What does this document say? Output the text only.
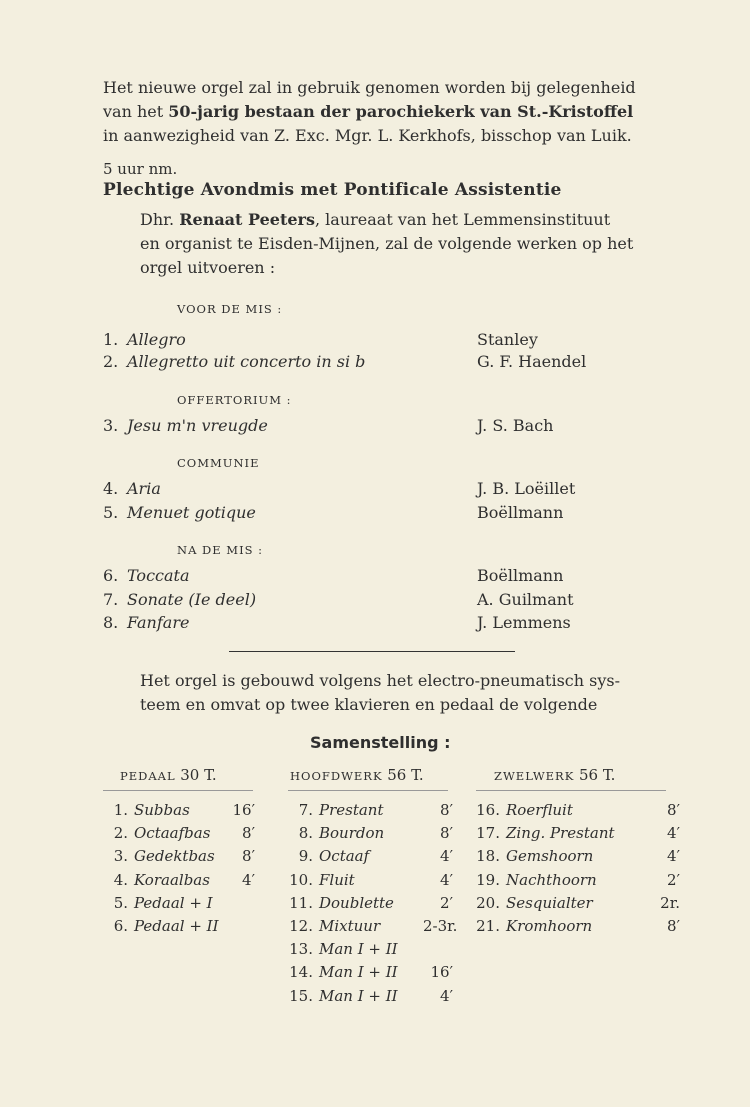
Het nieuwe orgel zal in gebruik genomen worden bij gelegenheid
van het 50-jarig bestaan der parochiekerk van St.-Kristoffel
in aanwezigheid van Z. Exc. Mgr. L. Kerkhofs, bisschop van Luik.
5 uur nm.
Plechtige Avondmis met Pontificale Assistentie
Dhr. Renaat Peeters, laureaat van het Lemmensinstituut
en organist te Eisden-Mijnen, zal de volgende werken op het
orgel uitvoeren :
VOOR DE MIS :
1. Allegro	Stanley
2. Allegretto uit concerto in si b	G. F. Haendel
OFFERTORIUM :
3. Jesu m'n vreugde	J. S. Bach
COMMUNIE
4. Aria	J. B. Loëillet
5. Menuet gotique	Boëllmann
NA DE MIS :
6. Toccata	Boëllmann
7. Sonate (Ie deel)	A. Guilmant
8. Fanfare	J. Lemmens
Het orgel is gebouwd volgens het electro-pneumatisch sys-
teem en omvat op twee klavieren en pedaal de volgende
Samenstelling :
PEDAAL 30 T.	HOOFDWERK 56 T.	ZWELWERK 56 T.
1. Subbas	16′
2. Octaafbas	8′
3. Gedektbas	8′
4. Koraalbas	4′
5. Pedaal + I
6. Pedaal + II
7. Prestant	8′
8. Bourdon	8′
9. Octaaf	4′
10. Fluit	4′
11. Doublette	2′
12. Mixtuur	2-3r.
13. Man I + II
14. Man I + II	16′
15. Man I + II	4′
16. Roerfluit	8′
17. Zing. Prestant	4′
18. Gemshoorn	4′
19. Nachthoorn	2′
20. Sesquialter	2r.
21. Kromhoorn	8′
